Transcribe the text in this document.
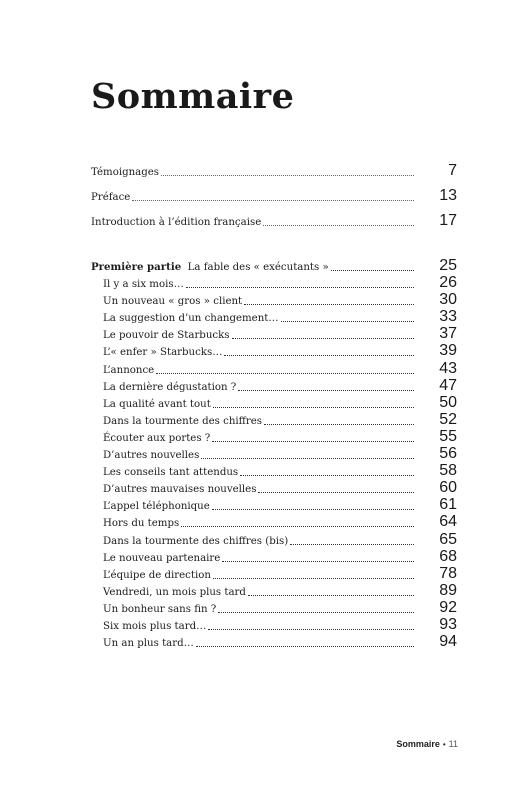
Sommaire
Témoignages	7
Préface	13
Introduction à l’édition française	17
Première partie La fable des « exécutants »	25
Il y a six mois…	26
Un nouveau « gros » client	30
La suggestion d’un changement…	33
Le pouvoir de Starbucks	37
L’« enfer » Starbucks…	39
L’annonce	43
La dernière dégustation ?	47
La qualité avant tout	50
Dans la tourmente des chiffres	52
Écouter aux portes ?	55
D’autres nouvelles	56
Les conseils tant attendus	58
D’autres mauvaises nouvelles	60
L’appel téléphonique	61
Hors du temps	64
Dans la tourmente des chiffres (bis)	65
Le nouveau partenaire	68
L’équipe de direction	78
Vendredi, un mois plus tard	89
Un bonheur sans fin ?	92
Six mois plus tard…	93
Un an plus tard…	94
Sommaire • 11
